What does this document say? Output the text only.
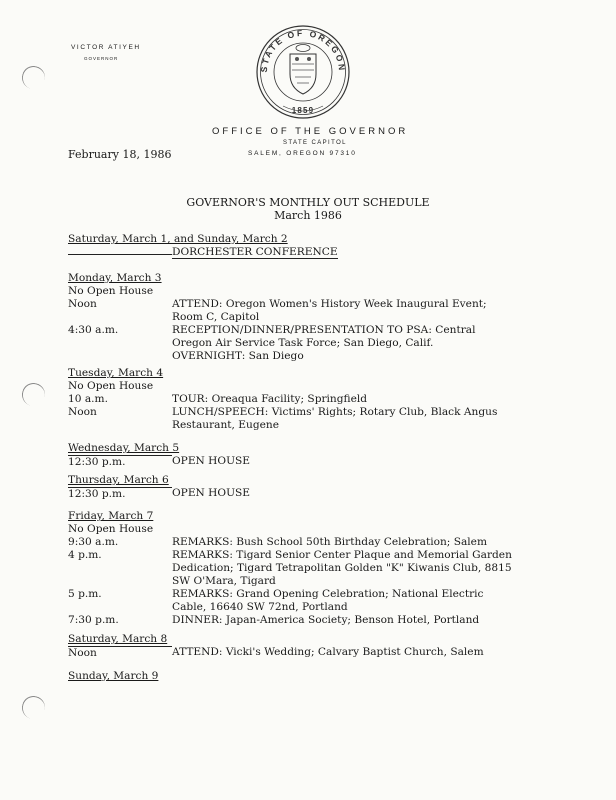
VICTOR ATIYEH
GOVERNOR
STATE OF OREGON
1859
OFFICE OF THE GOVERNOR
STATE CAPITOL
SALEM, OREGON 97310
February 18, 1986
GOVERNOR'S MONTHLY OUT SCHEDULE
March 1986
Saturday, March 1, and Sunday, March 2
DORCHESTER CONFERENCE
Monday, March 3
No Open House
Noon	ATTEND: Oregon Women's History Week Inaugural Event; Room C, Capitol
4:30 a.m.	RECEPTION/DINNER/PRESENTATION TO PSA: Central Oregon Air Service Task Force; San Diego, Calif.
OVERNIGHT: San Diego
Tuesday, March 4
No Open House
10 a.m.	TOUR: Oreaqua Facility; Springfield
Noon	LUNCH/SPEECH: Victims' Rights; Rotary Club, Black Angus Restaurant, Eugene
Wednesday, March 5
12:30 p.m.	OPEN HOUSE
Thursday, March 6
12:30 p.m.	OPEN HOUSE
Friday, March 7
No Open House
9:30 a.m.	REMARKS: Bush School 50th Birthday Celebration; Salem
4 p.m.	REMARKS: Tigard Senior Center Plaque and Memorial Garden Dedication; Tigard Tetrapolitan Golden "K" Kiwanis Club, 8815 SW O'Mara, Tigard
5 p.m.	REMARKS: Grand Opening Celebration; National Electric Cable, 16640 SW 72nd, Portland
7:30 p.m.	DINNER: Japan-America Society; Benson Hotel, Portland
Saturday, March 8
Noon	ATTEND: Vicki's Wedding; Calvary Baptist Church, Salem
Sunday, March 9
